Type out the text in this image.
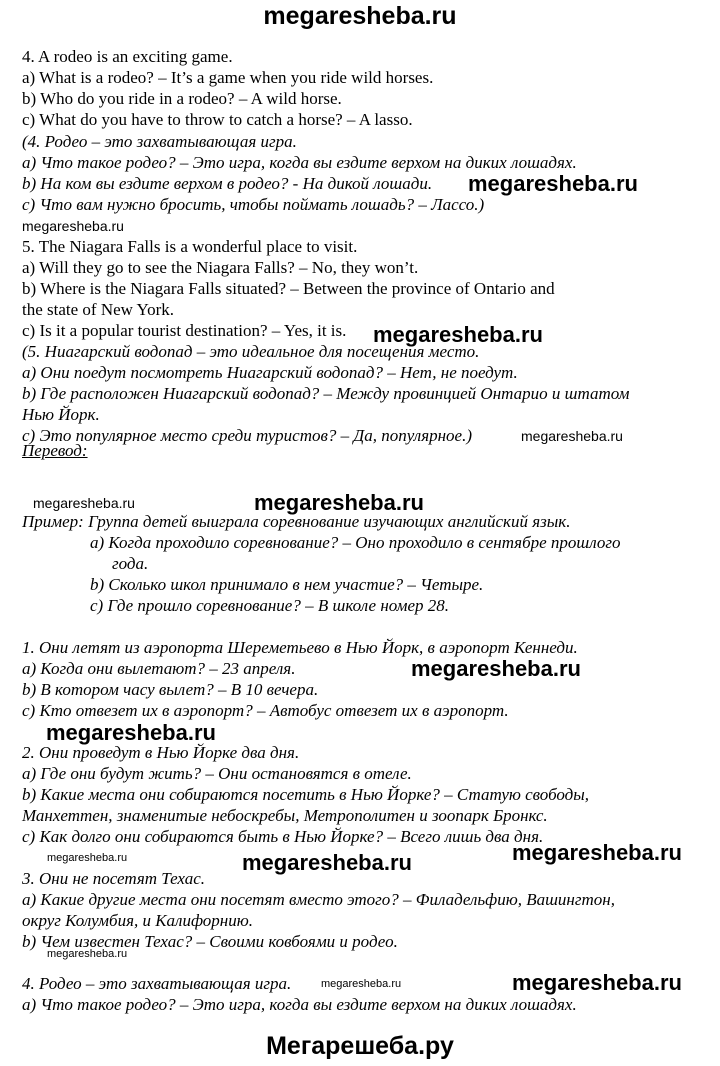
megaresheba.ru
4. A rodeo is an exciting game.
a) What is a rodeo? – It’s a game when you ride wild horses.
b) Who do you ride in a rodeo? – A wild horse.
c) What do you have to throw to catch a horse? – A lasso.
(4. Родео – это захватывающая игра.
а) Что такое родео? – Это игра, когда вы ездите верхом на диких лошадях.
b) На ком вы ездите верхом в родео? - На дикой лошади.
c) Что вам нужно бросить, чтобы поймать лошадь? – Лассо.)
megaresheba.ru
5. The Niagara Falls is a wonderful place to visit.
a) Will they go to see the Niagara Falls? – No, they won’t.
b) Where is the Niagara Falls situated? – Between the province of Ontario and
the state of New York.
c) Is it a popular tourist destination? – Yes, it is.
(5. Ниагарский водопад – это идеальное для посещения место.
а) Они поедут посмотреть Ниагарский водопад? – Нет, не поедут.
b) Где расположен Ниагарский водопад? – Между провинцией Онтарио и штатом
Нью Йорк.
c) Это популярное место среди туристов? – Да, популярное.)
Перевод:
Пример: Группа детей выиграла соревнование изучающих английский язык.
а) Когда проходило соревнование? – Оно проходило в сентябре прошлого
года.
b) Сколько школ принимало в нем участие? – Четыре.
c) Где прошло соревнование? – В школе номер 28.
1. Они летят из аэропорта Шереметьево в Нью Йорк, в аэропорт Кеннеди.
а) Когда они вылетают? – 23 апреля.
b) В котором часу вылет? – В 10 вечера.
c) Кто отвезет их в аэропорт? – Автобус отвезет их в аэропорт.
2. Они проведут в Нью Йорке два дня.
а) Где они будут жить? – Они остановятся в отеле.
b) Какие места они собираются посетить в Нью Йорке? – Статую свободы,
Манхеттен, знаменитые небоскребы, Метрополитен и зоопарк Бронкс.
c) Как долго они собираются быть в Нью Йорке? – Всего лишь два дня.
3. Они не посетят Техас.
а) Какие другие места они посетят вместо этого? – Филадельфию, Вашингтон,
округ Колумбия, и Калифорнию.
b) Чем известен Техас? – Своими ковбоями и родео.
4. Родео – это захватывающая игра.
а) Что такое родео? – Это игра, когда вы ездите верхом на диких лошадях.
megaresheba.ru
megaresheba.ru
megaresheba.ru
megaresheba.ru	megaresheba.ru
megaresheba.ru
megaresheba.ru
megaresheba.ru	megaresheba.ru	megaresheba.ru
megaresheba.ru
megaresheba.ru	megaresheba.ru
Мегарешеба.ру
